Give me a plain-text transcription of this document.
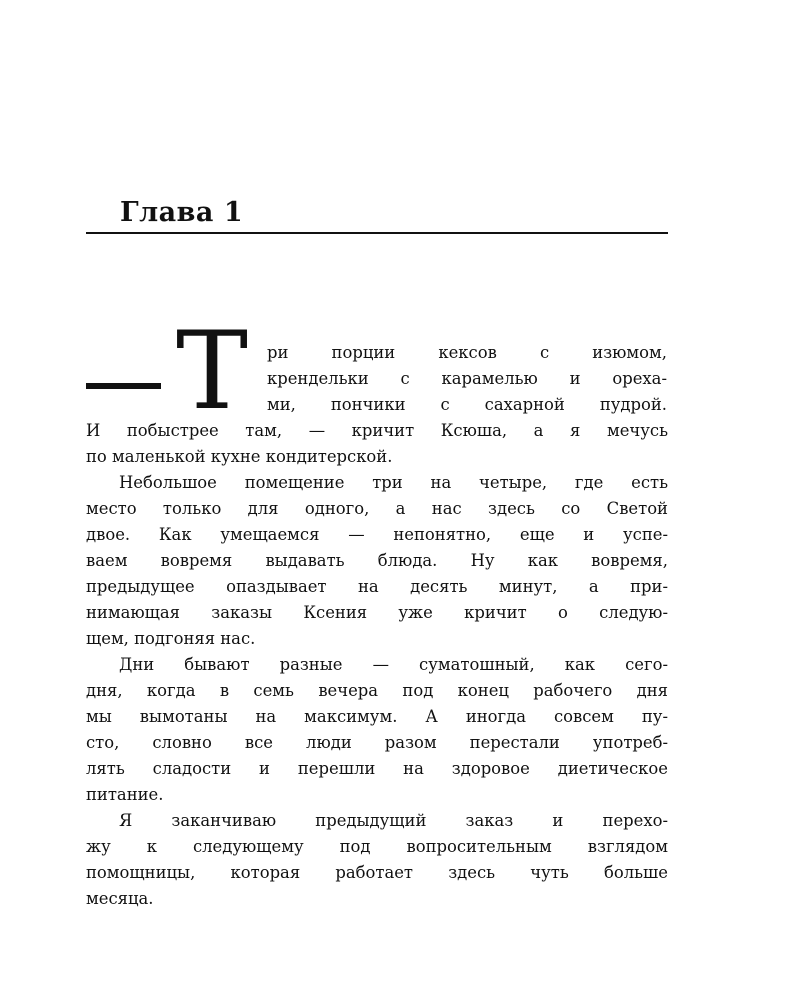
Глава 1
Т ри порции кексов с изюмом,
крендельки с карамелью и ореха-
ми, пончики с сахарной пудрой.
И побыстрее там, — кричит Ксюша, а я мечусь
по маленькой кухне кондитерской.
Небольшое помещение три на четыре, где есть
место только для одного, а нас здесь со Светой
двое. Как умещаемся — непонятно, еще и успе-
ваем вовремя выдавать блюда. Ну как вовремя,
предыдущее опаздывает на десять минут, а при-
нимающая заказы Ксения уже кричит о следую-
щем, подгоняя нас.
Дни бывают разные — суматошный, как сего-
дня, когда в семь вечера под конец рабочего дня
мы вымотаны на максимум. А иногда совсем пу-
сто, словно все люди разом перестали употреб-
лять сладости и перешли на здоровое диетическое
питание.
Я заканчиваю предыдущий заказ и перехо-
жу к следующему под вопросительным взглядом
помощницы, которая работает здесь чуть больше
месяца.
